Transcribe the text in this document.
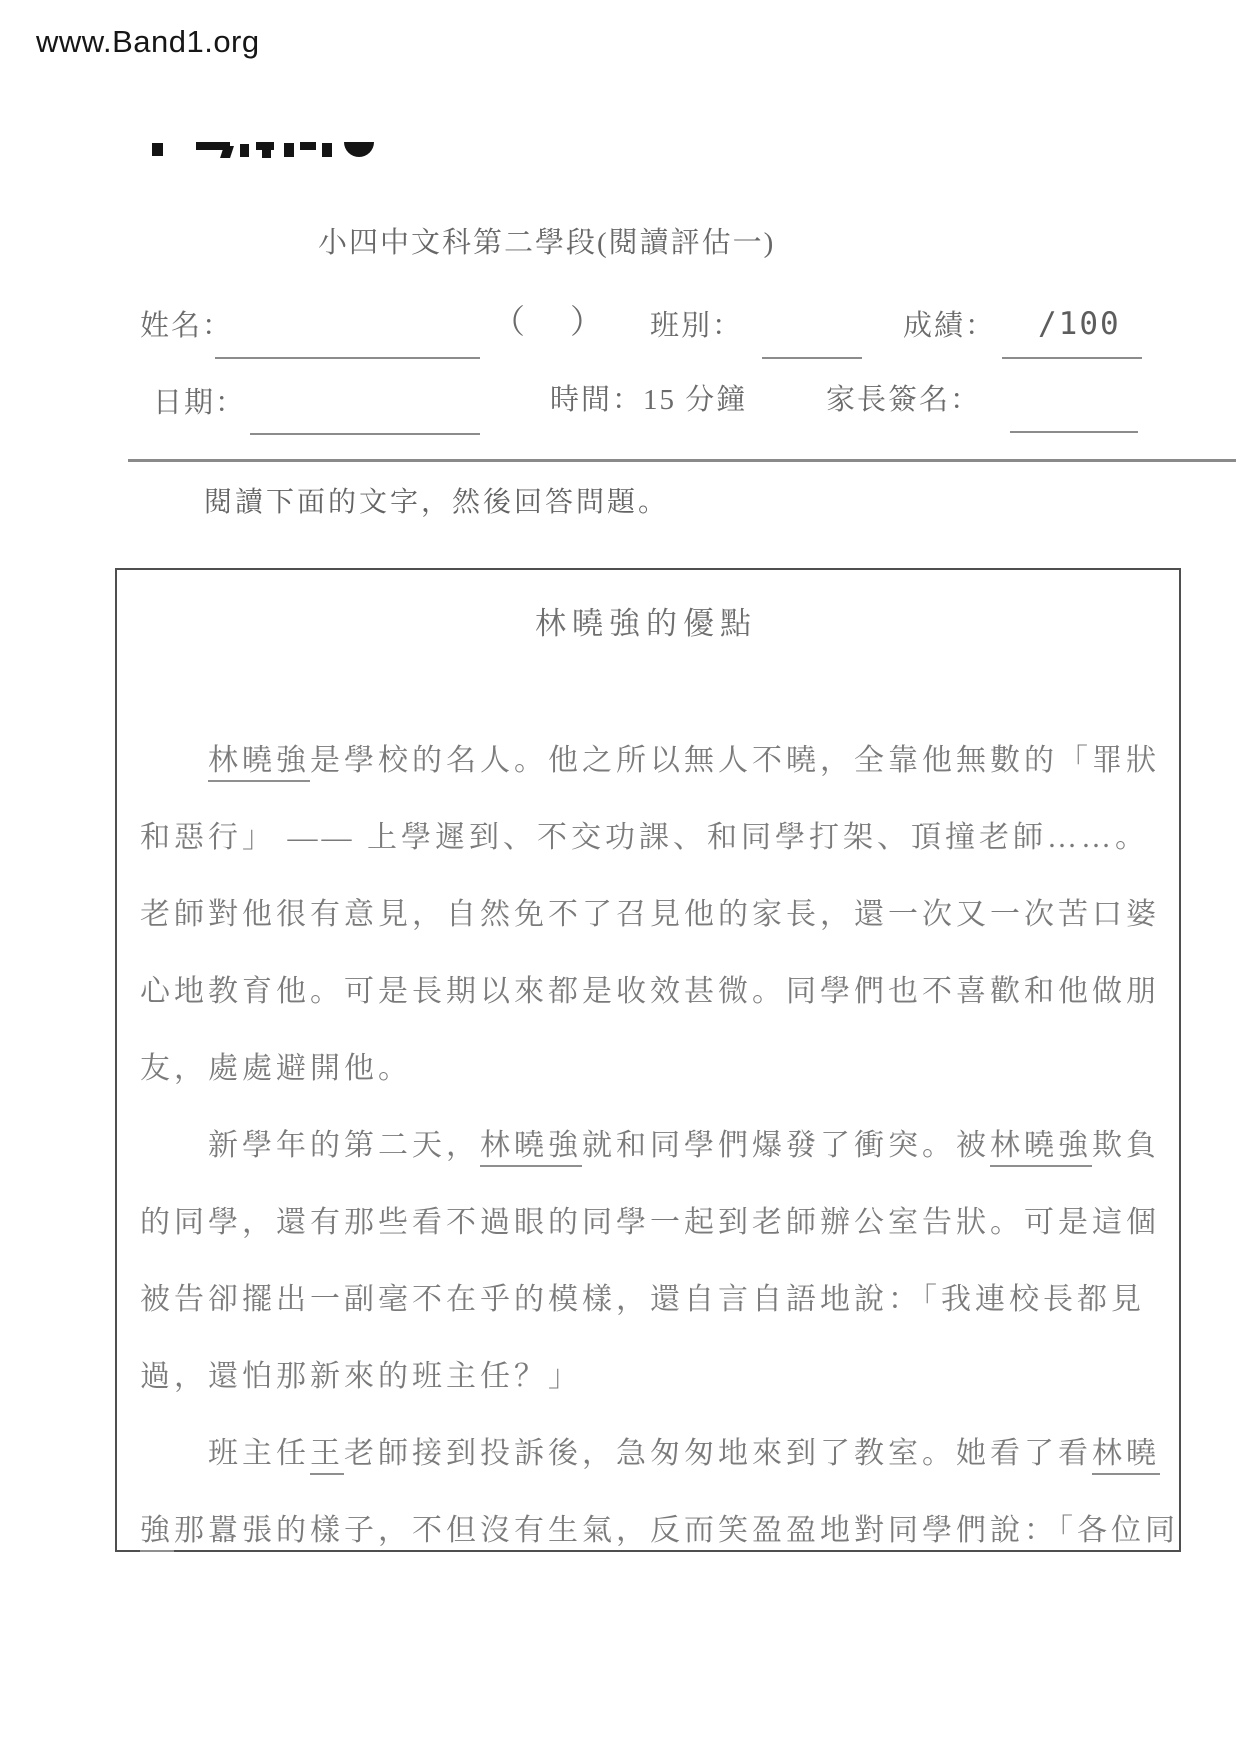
www.Band1.org
小四中文科第二學段(閱讀評估一)
姓名：	（　） 班別：	成績： /100
日期：	時間：15 分鐘	家長簽名：
閱讀下面的文字，然後回答問題。
林曉強的優點
　　林曉強是學校的名人。他之所以無人不曉，全靠他無數的「罪狀
和惡行」 —— 上學遲到、不交功課、和同學打架、頂撞老師……。
老師對他很有意見，自然免不了召見他的家長，還一次又一次苦口婆
心地教育他。可是長期以來都是收效甚微。同學們也不喜歡和他做朋
友，處處避開他。
　　新學年的第二天，林曉強就和同學們爆發了衝突。被林曉強欺負
的同學，還有那些看不過眼的同學一起到老師辦公室告狀。可是這個
被告卻擺出一副毫不在乎的模樣，還自言自語地說：「我連校長都見
過，還怕那新來的班主任？」
　　班主任王老師接到投訴後，急匆匆地來到了教室。她看了看林曉
強那囂張的樣子，不但沒有生氣，反而笑盈盈地對同學們說：「各位同
